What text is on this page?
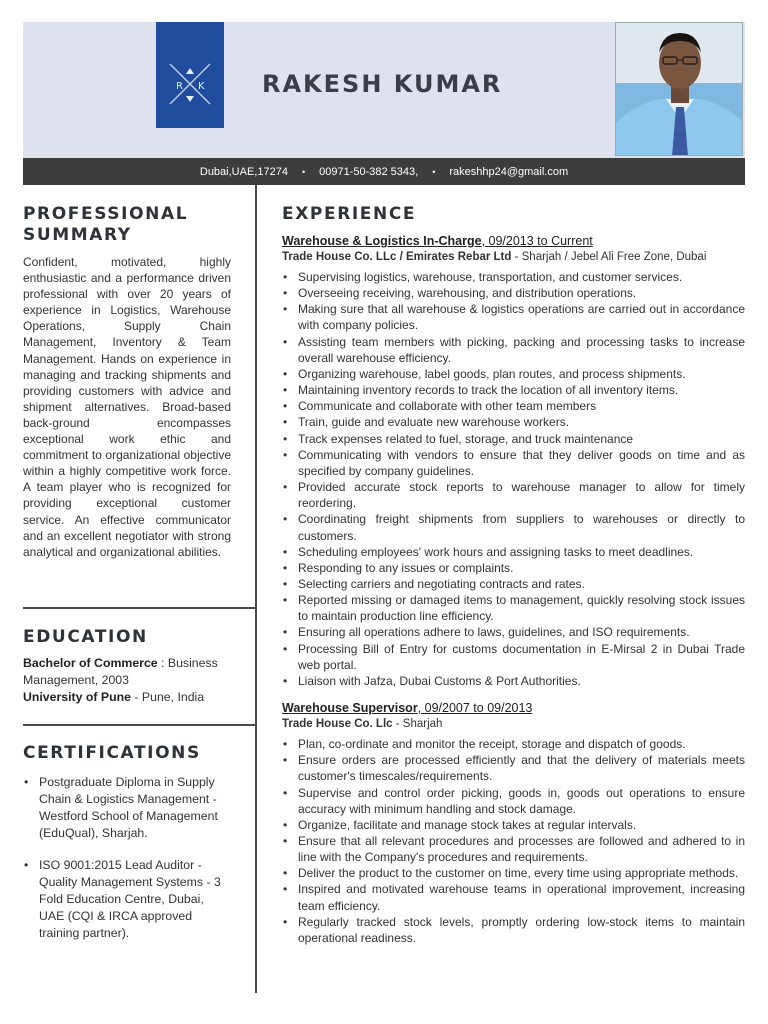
R K RAKESH KUMAR
Dubai,UAE,17274 • 00971-50-382 5343, • rakeshhp24@gmail.com
PROFESSIONAL SUMMARY
Confident, motivated, highly enthusiastic and a performance driven professional with over 20 years of experience in Logistics, Warehouse Operations, Supply Chain Management, Inventory & Team Management. Hands on experience in managing and tracking shipments and providing customers with advice and shipment alternatives. Broad-based back-ground encompasses exceptional work ethic and commitment to organizational objective within a highly competitive work force. A team player who is recognized for providing exceptional customer service. An effective communicator and an excellent negotiator with strong analytical and organizational abilities.
EDUCATION
Bachelor of Commerce : Business Management, 2003
University of Pune - Pune, India
CERTIFICATIONS
• Postgraduate Diploma in Supply Chain & Logistics Management - Westford School of Management (EduQual), Sharjah.
• ISO 9001:2015 Lead Auditor - Quality Management Systems - 3 Fold Education Centre, Dubai, UAE (CQI & IRCA approved training partner).
EXPERIENCE
Warehouse & Logistics In-Charge, 09/2013 to Current
Trade House Co. LLc / Emirates Rebar Ltd - Sharjah / Jebel Ali Free Zone, Dubai
• Supervising logistics, warehouse, transportation, and customer services.
• Overseeing receiving, warehousing, and distribution operations.
• Making sure that all warehouse & logistics operations are carried out in accordance with company policies.
• Assisting team members with picking, packing and processing tasks to increase overall warehouse efficiency.
• Organizing warehouse, label goods, plan routes, and process shipments.
• Maintaining inventory records to track the location of all inventory items.
• Communicate and collaborate with other team members
• Train, guide and evaluate new warehouse workers.
• Track expenses related to fuel, storage, and truck maintenance
• Communicating with vendors to ensure that they deliver goods on time and as specified by company guidelines.
• Provided accurate stock reports to warehouse manager to allow for timely reordering.
• Coordinating freight shipments from suppliers to warehouses or directly to customers.
• Scheduling employees' work hours and assigning tasks to meet deadlines.
• Responding to any issues or complaints.
• Selecting carriers and negotiating contracts and rates.
• Reported missing or damaged items to management, quickly resolving stock issues to maintain production line efficiency.
• Ensuring all operations adhere to laws, guidelines, and ISO requirements.
• Processing Bill of Entry for customs documentation in E-Mirsal 2 in Dubai Trade web portal.
• Liaison with Jafza, Dubai Customs & Port Authorities.
Warehouse Supervisor, 09/2007 to 09/2013
Trade House Co. Llc - Sharjah
• Plan, co-ordinate and monitor the receipt, storage and dispatch of goods.
• Ensure orders are processed efficiently and that the delivery of materials meets customer's timescales/requirements.
• Supervise and control order picking, goods in, goods out operations to ensure accuracy with minimum handling and stock damage.
• Organize, facilitate and manage stock takes at regular intervals.
• Ensure that all relevant procedures and processes are followed and adhered to in line with the Company's procedures and requirements.
• Deliver the product to the customer on time, every time using appropriate methods.
• Inspired and motivated warehouse teams in operational improvement, increasing team efficiency.
• Regularly tracked stock levels, promptly ordering low-stock items to maintain operational readiness.
